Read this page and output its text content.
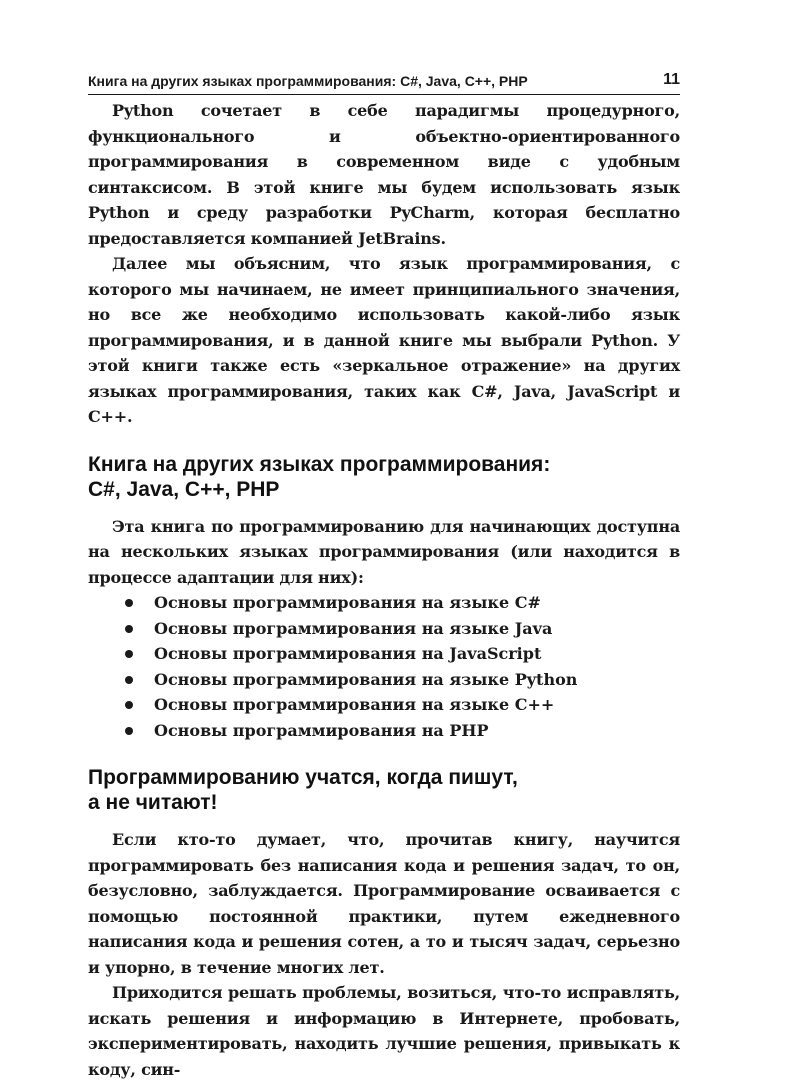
Книга на других языках программирования: C#, Java, C++, PHP	11

Python сочетает в себе парадигмы процедурного, функционального и объектно-ориентированного программирования в современном виде с удобным синтаксисом. В этой книге мы будем использовать язык Python и среду разработки PyCharm, которая бесплатно предоставляется компанией JetBrains.

Далее мы объясним, что язык программирования, с которого мы начинаем, не имеет принципиального значения, но все же необходимо использовать какой-либо язык программирования, и в данной книге мы выбрали Python. У этой книги также есть «зеркальное отражение» на других языках программирования, таких как C#, Java, JavaScript и C++.

Книга на других языках программирования:
C#, Java, C++, PHP

Эта книга по программированию для начинающих доступна на нескольких языках программирования (или находится в процессе адаптации для них):

Основы программирования на языке C#
Основы программирования на языке Java
Основы программирования на JavaScript
Основы программирования на языке Python
Основы программирования на языке C++
Основы программирования на PHP
Программированию учатся, когда пишут,
а не читают!

Если кто-то думает, что, прочитав книгу, научится программировать без написания кода и решения задач, то он, безусловно, заблуждается. Программирование осваивается с помощью постоянной практики, путем ежедневного написания кода и решения сотен, а то и тысяч задач, серьезно и упорно, в течение многих лет.

Приходится решать проблемы, возиться, что-то исправлять, искать решения и информацию в Интернете, пробовать, экспериментировать, находить лучшие решения, привыкать к коду, син-
